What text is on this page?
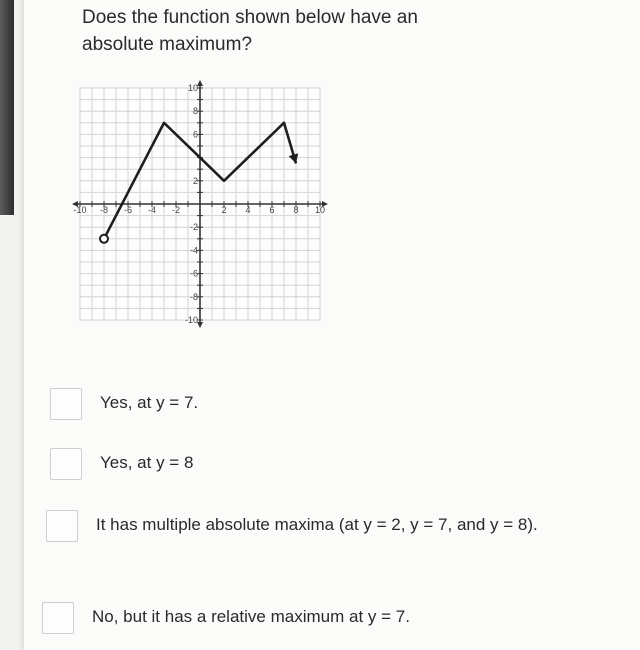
Does the function shown below have an
absolute maximum?
-10 -8 -6 -4 -2	2 4 6 8 10
10
8
6
2
-2
-4
-6
-8
-10
Yes, at y = 7.
Yes, at y = 8
It has multiple absolute maxima (at y = 2, y = 7, and y = 8).
No, but it has a relative maximum at y = 7.
